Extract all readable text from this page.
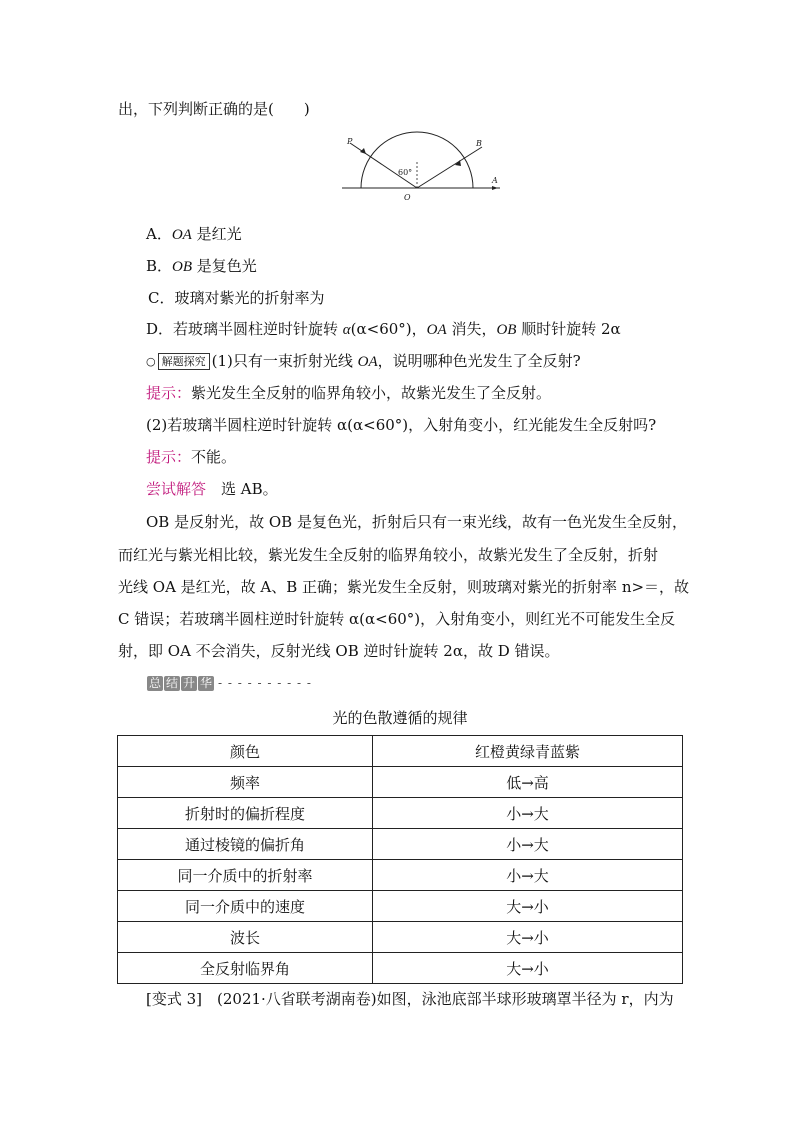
出，下列判断正确的是(　　)
P	B
A
O
60°
A．OA 是红光
B．OB 是复色光
C．玻璃对紫光的折射率为
D．若玻璃半圆柱逆时针旋转 α(α<60°)，OA 消失，OB 顺时针旋转 2α
○ 解题探究 (1)只有一束折射光线 OA，说明哪种色光发生了全反射?
提示：紫光发生全反射的临界角较小，故紫光发生了全反射。
(2)若玻璃半圆柱逆时针旋转 α(α<60°)，入射角变小，红光能发生全反射吗?
提示：不能。
尝试解答　选 AB。
OB 是反射光，故 OB 是复色光，折射后只有一束光线，故有一色光发生全反射，
而红光与紫光相比较，紫光发生全反射的临界角较小，故紫光发生了全反射，折射
光线 OA 是红光，故 A、B 正确；紫光发生全反射，则玻璃对紫光的折射率 n>＝，故
C 错误；若玻璃半圆柱逆时针旋转 α(α<60°)，入射角变小，则红光不可能发生全反
射，即 OA 不会消失，反射光线 OB 逆时针旋转 2α，故 D 错误。
总 结 升 华 - - - - - - - - - -
光的色散遵循的规律
颜色	红橙黄绿青蓝紫
频率	低→高
折射时的偏折程度	小→大
通过棱镜的偏折角	小→大
同一介质中的折射率	小→大
同一介质中的速度	大→小
波长	大→小
全反射临界角	大→小
[变式 3]　(2021·八省联考湖南卷)如图，泳池底部半球形玻璃罩半径为 r，内为
